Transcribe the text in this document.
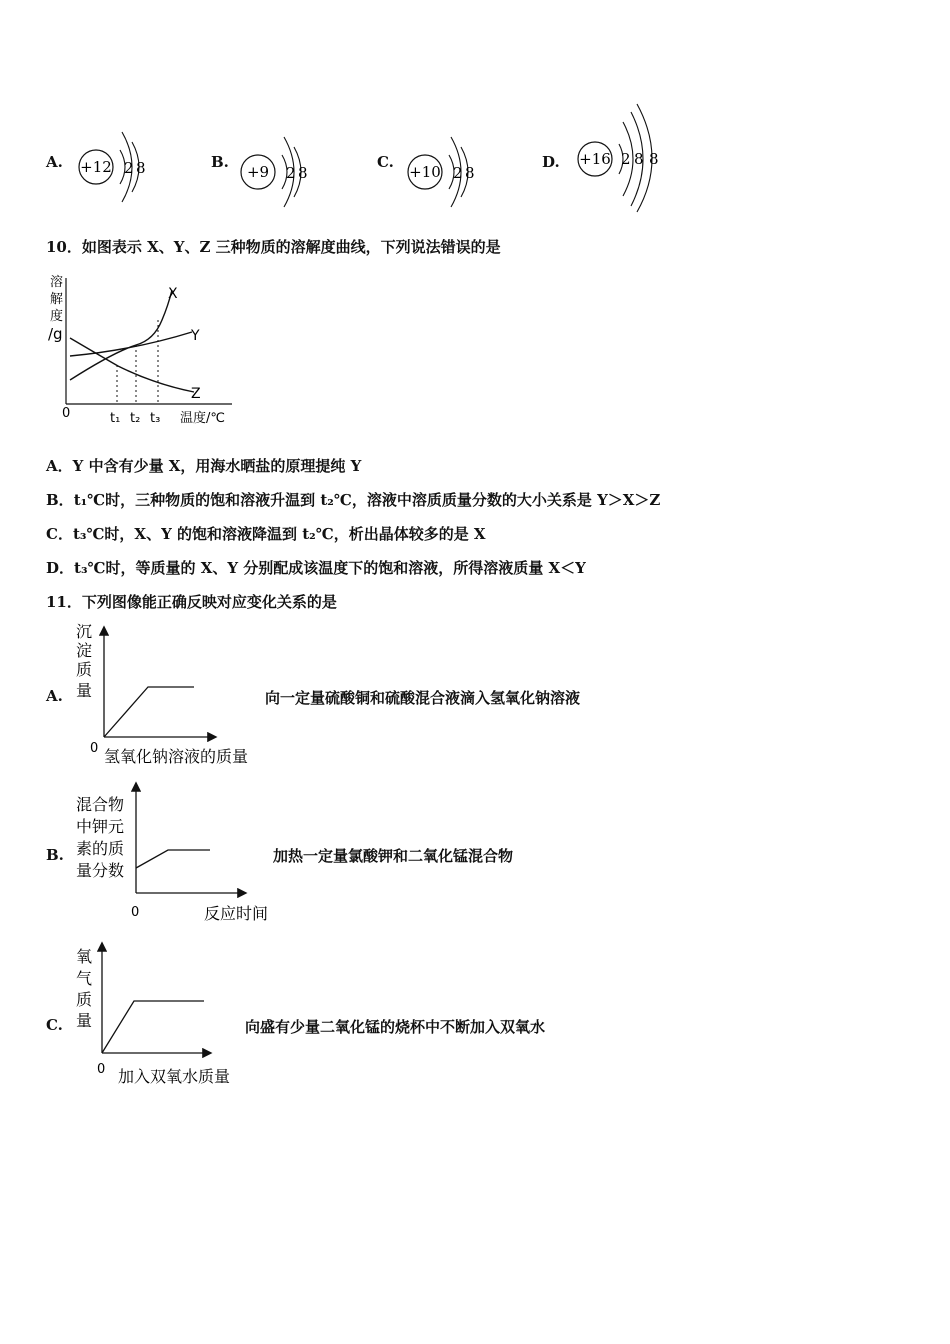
A. +12 2 8	B.
+9 2 8
C.
+10 2 8
D. +16 2 8 8
10．如图表示 X、Y、Z 三种物质的溶解度曲线，下列说法错误的是
溶
解
度
/g
0	温度/℃
X
Y
Z
t₁ t₂ t₃
A．Y 中含有少量 X，用海水晒盐的原理提纯 Y
B．t₁℃时，三种物质的饱和溶液升温到 t₂℃，溶液中溶质质量分数的大小关系是 Y＞X＞Z
C．t₃℃时，X、Y 的饱和溶液降温到 t₂℃，析出晶体较多的是 X
D．t₃℃时，等质量的 X、Y 分别配成该温度下的饱和溶液，所得溶液质量 X＜Y
11．下列图像能正确反映对应变化关系的是
A.
沉
淀
质
量
0 氢氧化钠溶液的质量
向一定量硫酸铜和硫酸混合液滴入氢氧化钠溶液
B.
混合物
中钾元
素的质
量分数
0	反应时间
加热一定量氯酸钾和二氧化锰混合物
C.
氧
气
质
量
0 加入双氧水质量
向盛有少量二氧化锰的烧杯中不断加入双氧水
